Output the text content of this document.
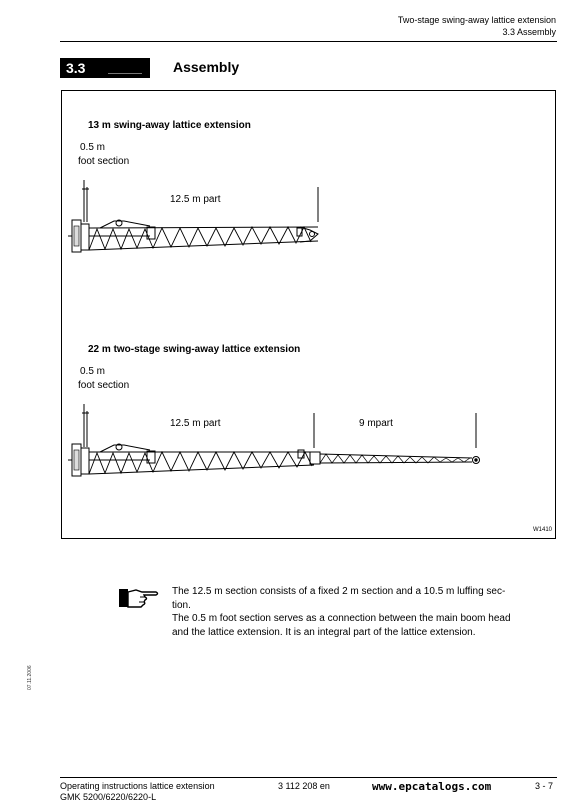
Two-stage swing-away lattice extension
3.3 Assembly
3.3	Assembly
13 m swing-away lattice extension
0.5 m
foot section
12.5 m part
22 m two-stage swing-away lattice extension
0.5 m
foot section
12.5 m part	9 mpart
W1410

The 12.5 m section consists of a fixed 2 m section and a 10.5 m luffing sec-

tion.

The 0.5 m foot section serves as a connection between the main boom head

and the lattice extension. It is an integral part of the lattice extension.

07.11.2006
Operating instructions lattice extension
GMK 5200/6220/6220-L
3 112 208 en	www.epcatalogs.com	3 - 7
